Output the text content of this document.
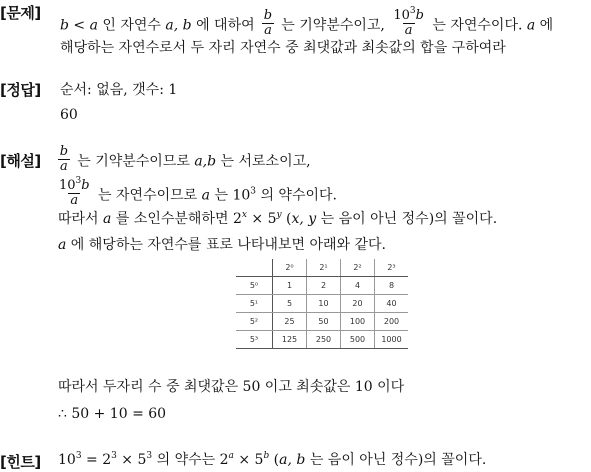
[문제]
b < a 인 자연수 a, b 에 대하여 $\frac{b}{a}$ 는 기약분수이고, $\frac{10^3b}{a}$ 는 자연수이다. a 에
해당하는 자연수로서 두 자리 자연수 중 최댓값과 최솟값의 합을 구하여라
[정답] 순서: 없음, 갯수: 1
60
[해설] $\frac{b}{a}$ 는 기약분수이므로 a,b 는 서로소이고,
$\frac{10^3b}{a}$ 는 자연수이므로 a 는 $10^3$ 의 약수이다.
따라서 a 를 소인수분해하면 $2^x \times 5^y$ (x, y 는 음이 아닌 정수)의 꼴이다.
a 에 해당하는 자연수를 표로 나타내보면 아래와 같다.
	2⁰	2¹	2²	2³
5⁰	1	2	4	8
5¹	5	10	20	40
5²	25	50	100	200
5³	125	250	500	1000
따라서 두자리 수 중 최댓값은 50 이고 최솟값은 10 이다
∴ 50 + 10 = 60
[힌트] $10^3 = 2^3 \times 5^3$ 의 약수는 $2^a \times 5^b$ (a, b 는 음이 아닌 정수)의 꼴이다.
